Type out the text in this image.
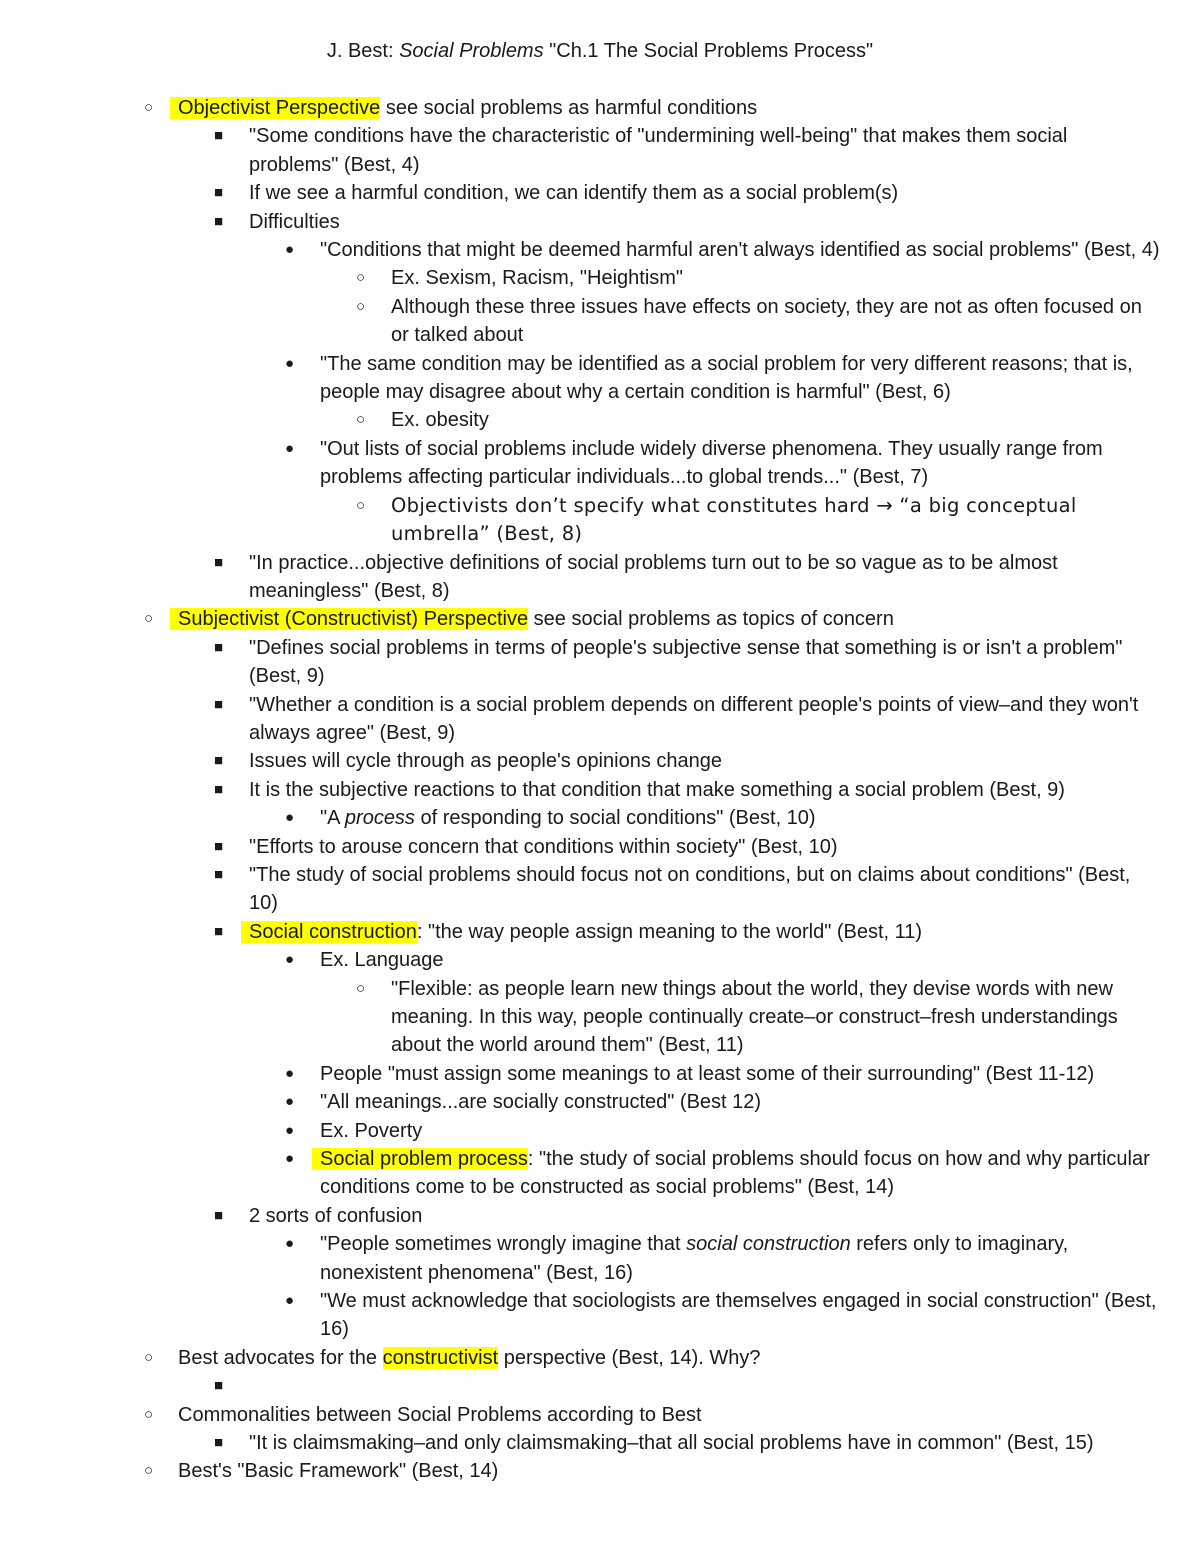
J. Best: Social Problems "Ch.1 The Social Problems Process"
○ Objectivist Perspective see social problems as harmful conditions
■ "Some conditions have the characteristic of "undermining well-being" that makes them social problems" (Best, 4)
■ If we see a harmful condition, we can identify them as a social problem(s)
■ Difficulties
● "Conditions that might be deemed harmful aren't always identified as social problems" (Best, 4)
○ Ex. Sexism, Racism, "Heightism"
○ Although these three issues have effects on society, they are not as often focused on or talked about
● "The same condition may be identified as a social problem for very different reasons; that is, people may disagree about why a certain condition is harmful" (Best, 6)
○ Ex. obesity
● "Out lists of social problems include widely diverse phenomena. They usually range from problems affecting particular individuals...to global trends..." (Best, 7)
○ Objectivists don’t specify what constitutes hard → “a big conceptual umbrella” (Best, 8)
■ "In practice...objective definitions of social problems turn out to be so vague as to be almost meaningless" (Best, 8)
○ Subjectivist (Constructivist) Perspective see social problems as topics of concern
■ "Defines social problems in terms of people's subjective sense that something is or isn't a problem" (Best, 9)
■ "Whether a condition is a social problem depends on different people's points of view–and they won't always agree" (Best, 9)
■ Issues will cycle through as people's opinions change
■ It is the subjective reactions to that condition that make something a social problem (Best, 9)
● "A process of responding to social conditions" (Best, 10)
■ "Efforts to arouse concern that conditions within society" (Best, 10)
■ "The study of social problems should focus not on conditions, but on claims about conditions" (Best, 10)
■ Social construction: "the way people assign meaning to the world" (Best, 11)
● Ex. Language
○ "Flexible: as people learn new things about the world, they devise words with new meaning. In this way, people continually create–or construct–fresh understandings about the world around them" (Best, 11)
● People "must assign some meanings to at least some of their surrounding" (Best 11-12)
● "All meanings...are socially constructed" (Best 12)
● Ex. Poverty
● Social problem process: "the study of social problems should focus on how and why particular conditions come to be constructed as social problems" (Best, 14)
■ 2 sorts of confusion
● "People sometimes wrongly imagine that social construction refers only to imaginary, nonexistent phenomena" (Best, 16)
● "We must acknowledge that sociologists are themselves engaged in social construction" (Best, 16)
○ Best advocates for the constructivist perspective (Best, 14). Why?
■
○ Commonalities between Social Problems according to Best
■ "It is claimsmaking–and only claimsmaking–that all social problems have in common" (Best, 15)
○ Best's "Basic Framework" (Best, 14)
